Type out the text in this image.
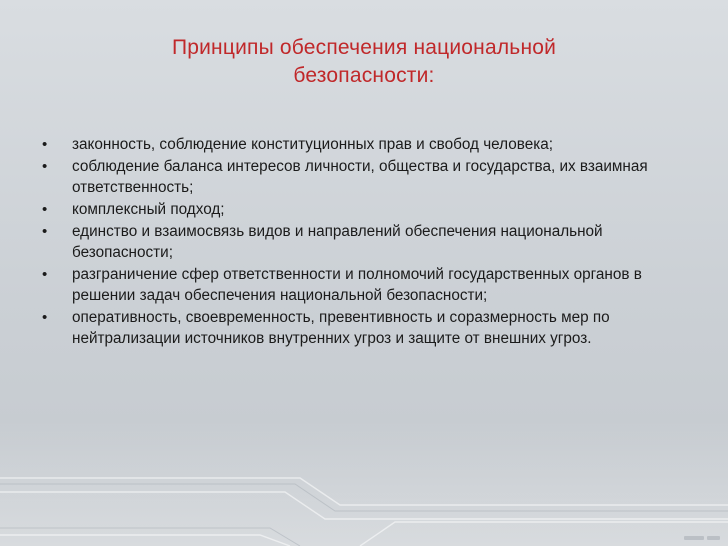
Принципы обеспечения национальной
безопасности:
•	законность, соблюдение конституционных прав и свобод человека;
•	соблюдение баланса интересов личности, общества и государства, их взаимная ответственность;
•	комплексный подход;
•	единство и взаимосвязь видов и направлений обеспечения национальной безопасности;
•	разграничение сфер ответственности и полномочий государственных органов в решении задач обеспечения национальной безопасности;
•	оперативность, своевременность, превентивность и соразмерность мер по нейтрализации источников внутренних угроз и защите от внешних угроз.
